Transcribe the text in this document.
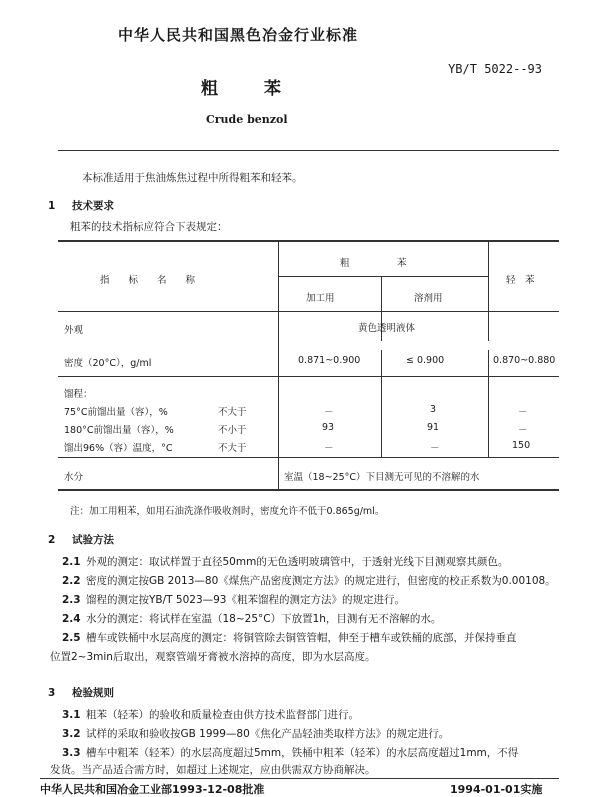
中华人民共和国黑色冶金行业标准
YB/T 5022--93
粗 苯
Crude benzol
本标准适用于焦油炼焦过程中所得粗苯和轻苯。
1 技术要求
粗苯的技术指标应符合下表规定：
指　　标　　名　　称
粗　　　　　苯
轻　苯
加工用	溶剂用
外观	黄色透明液体
密度（20°C），g/ml	0.871~0.900	≤ 0.900	0.870~0.880
馏程：
75°C前馏出量（容），%	不大于	－	3	－
180°C前馏出量（容），%	不小于	93	91	－
馏出96%（容）温度，°C	不大于	－	－	150
水分	室温（18~25°C）下目测无可见的不溶解的水
注：加工用粗苯，如用石油洗涤作吸收剂时，密度允许不低于0.865g/ml。
2 试验方法
2.1 外观的测定：取试样置于直径50mm的无色透明玻璃管中，于透射光线下目测观察其颜色。
2.2 密度的测定按GB 2013—80《煤焦产品密度测定方法》的规定进行，但密度的校正系数为0.00108。
2.3 馏程的测定按YB/T 5023—93《粗苯馏程的测定方法》的规定进行。
2.4 水分的测定：将试样在室温（18~25°C）下放置1h，目测有无不溶解的水。
2.5 槽车或铁桶中水层高度的测定：将铜管除去铜管管帽，伸至于槽车或铁桶的底部，并保持垂直
位置2~3min后取出，观察管端牙膏被水溶掉的高度，即为水层高度。
3 检验规则
3.1 粗苯（轻苯）的验收和质量检查由供方技术监督部门进行。
3.2 试样的采取和验收按GB 1999—80《焦化产品轻油类取样方法》的规定进行。
3.3 槽车中粗苯（轻苯）的水层高度超过5mm，铁桶中粗苯（轻苯）的水层高度超过1mm，不得
发货。当产品适合需方时，如超过上述规定，应由供需双方协商解决。
中华人民共和国冶金工业部1993-12-08批准	1994-01-01实施
